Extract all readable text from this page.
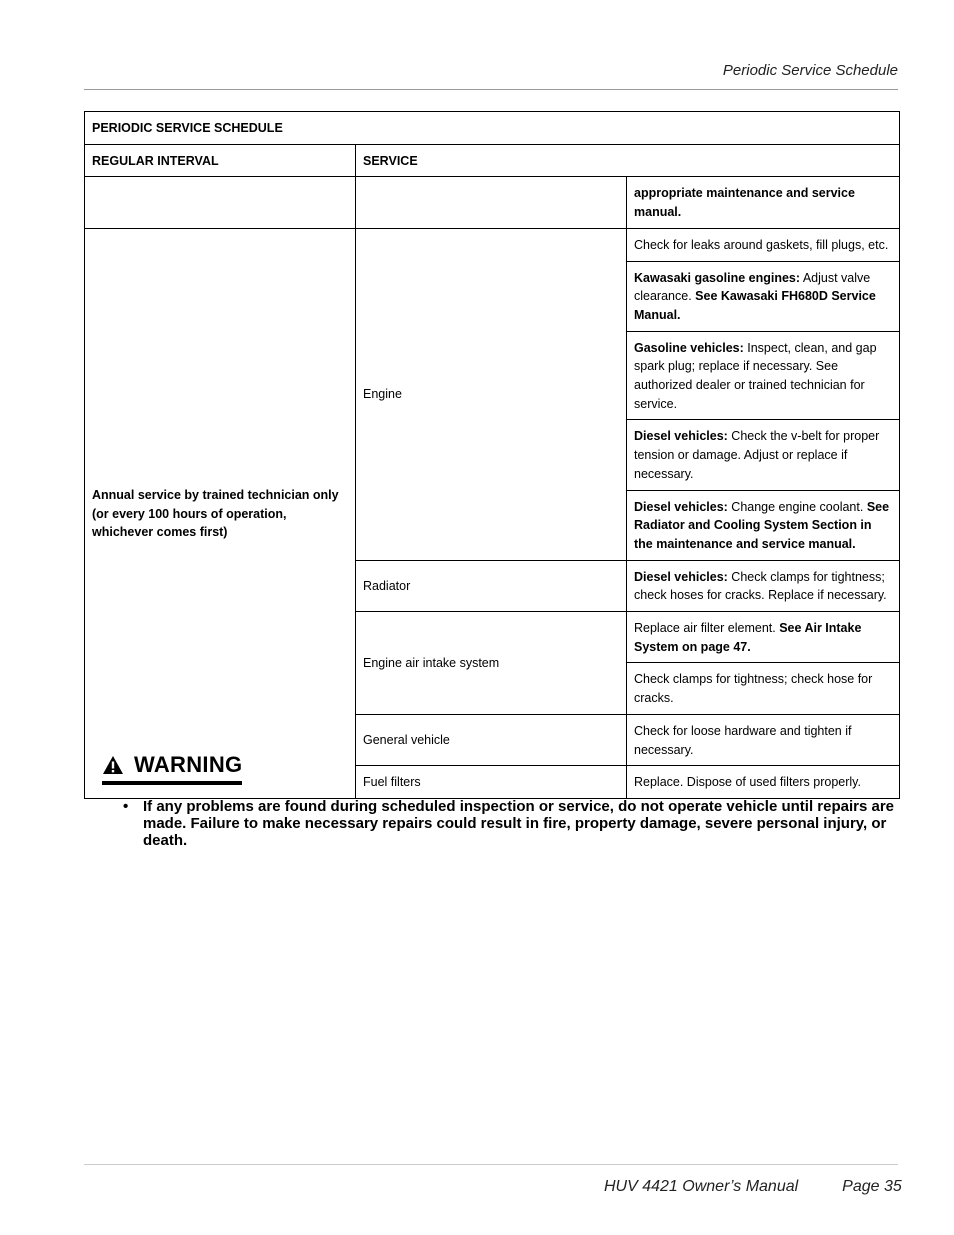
Periodic Service Schedule
PERIODIC SERVICE SCHEDULE		
REGULAR INTERVAL	SERVICE	
		appropriate maintenance and service manual.
Annual service by trained technician only (or every 100 hours of operation, whichever comes first)	Engine	Check for leaks around gaskets, fill plugs, etc.
		Kawasaki gasoline engines: Adjust valve clearance. See Kawasaki FH680D Service Manual.
		Gasoline vehicles: Inspect, clean, and gap spark plug; replace if necessary. See authorized dealer or trained technician for service.
		Diesel vehicles: Check the v-belt for proper tension or damage. Adjust or replace if necessary.
		Diesel vehicles: Change engine coolant. See Radiator and Cooling System Section in the maintenance and service manual.
	Radiator	Diesel vehicles: Check clamps for tightness; check hoses for cracks. Replace if necessary.
	Engine air intake system	Replace air filter element. See Air Intake System on page 47.
		Check clamps for tightness; check hose for cracks.
	General vehicle	Check for loose hardware and tighten if necessary.
	Fuel filters	Replace. Dispose of used filters properly.
WARNING
• If any problems are found during scheduled inspection or service, do not operate vehicle until repairs are made. Failure to make necessary repairs could result in fire, property damage, severe personal injury, or death.
HUV 4421 Owner’s Manual	Page 35
